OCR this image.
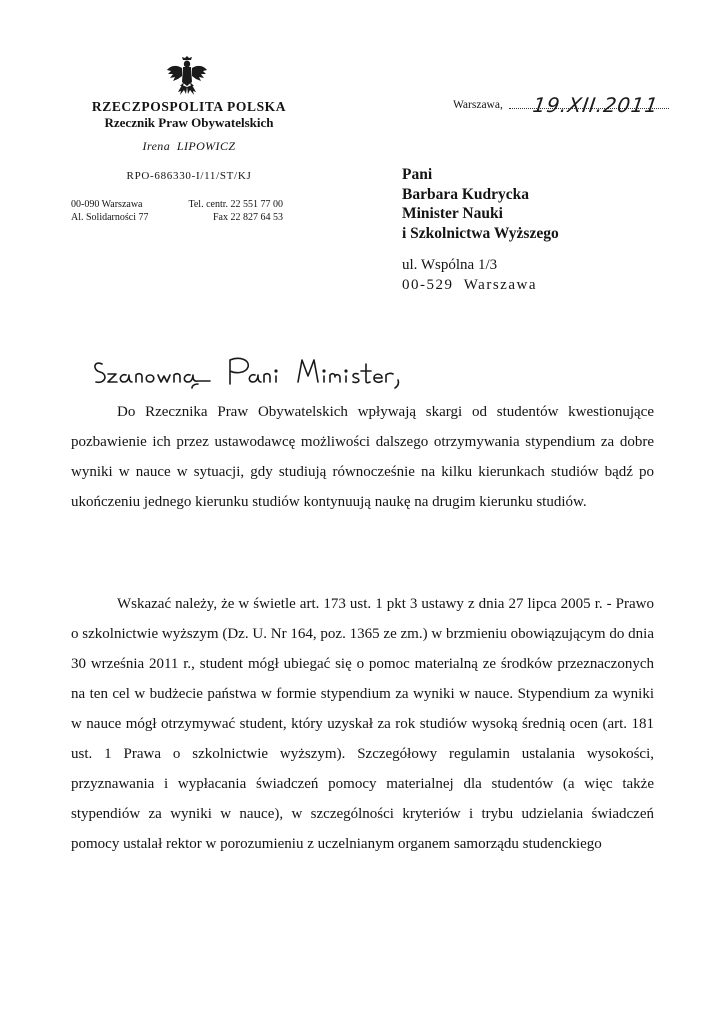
RZECZPOSPOLITA POLSKA
Rzecznik Praw Obywatelskich
Irena  LIPOWICZ
RPO-686330-I/11/ST/KJ
00-090 Warszawa
Al. Solidarności 77
Tel. centr. 22 551 77 00
Fax 22 827 64 53
Warszawa, 19.XII.2011
Pani
Barbara Kudrycka
Minister Nauki
i Szkolnictwa Wyższego
ul. Wspólna 1/3
00-529  Warszawa

Do Rzecznika Praw Obywatelskich wpływają skargi od studentów kwestionujące pozbawienie ich przez ustawodawcę możliwości dalszego otrzymywania stypendium za dobre wyniki w nauce w sytuacji, gdy studiują równocześnie na kilku kierunkach studiów bądź po ukończeniu jednego kierunku studiów kontynuują naukę na drugim kierunku studiów.

Wskazać należy, że w świetle art. 173 ust. 1 pkt 3 ustawy z dnia 27 lipca 2005 r. - Prawo o szkolnictwie wyższym (Dz. U. Nr 164, poz. 1365 ze zm.) w brzmieniu obowiązującym do dnia 30 września 2011 r., student mógł ubiegać się o pomoc materialną ze środków przeznaczonych na ten cel w budżecie państwa w formie stypendium za wyniki w nauce. Stypendium za wyniki w nauce mógł otrzymywać student, który uzyskał za rok studiów wysoką średnią ocen (art. 181 ust. 1 Prawa o szkolnictwie wyższym). Szczegółowy regulamin ustalania wysokości, przyznawania i wypłacania świadczeń pomocy materialnej dla studentów (a więc także stypendiów za wyniki w nauce), w szczególności kryteriów i trybu udzielania świadczeń pomocy ustalał rektor w porozumieniu z uczelnianym organem samorządu studenckiego
